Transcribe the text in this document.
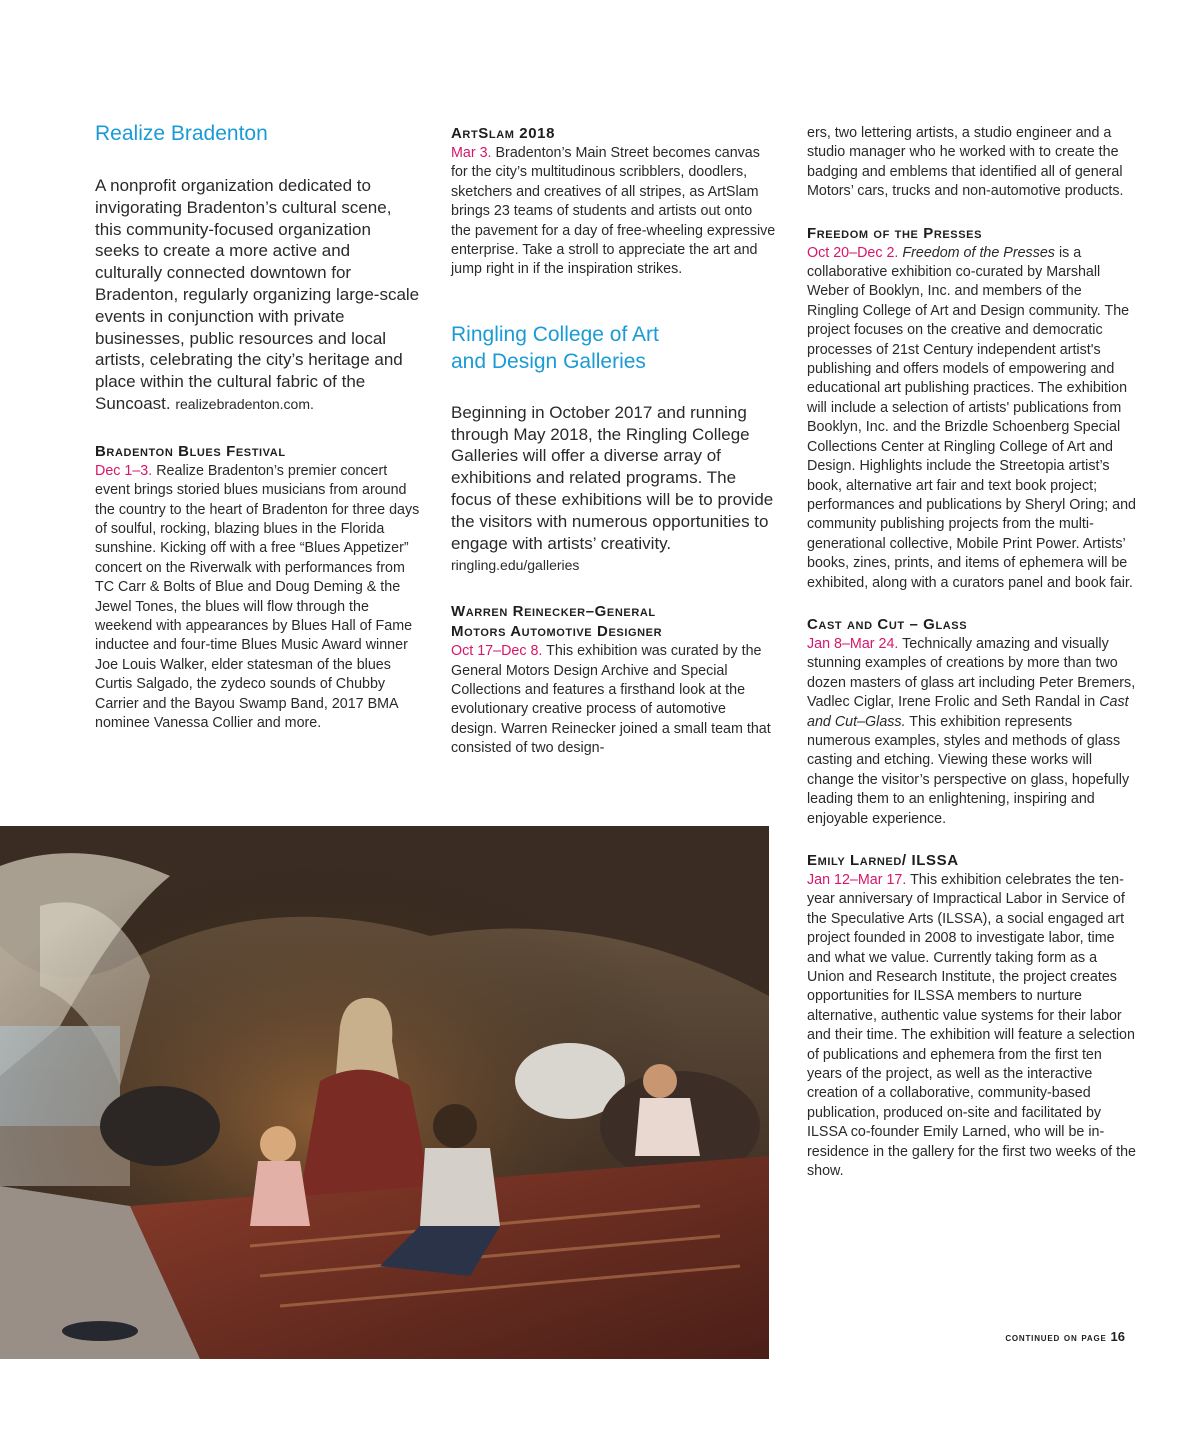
Realize Bradenton

A nonprofit organization dedicated to invigorating Bradenton’s cultural scene, this community-focused organization seeks to create a more active and culturally connected downtown for Bradenton, regularly organizing large-scale events in conjunction with private businesses, public resources and local artists, celebrating the city’s heritage and place within the cultural fabric of the Suncoast. realizebradenton.com.

Bradenton Blues Festival

Dec 1–3. Realize Bradenton’s premier concert event brings storied blues musicians from around the country to the heart of Bradenton for three days of soulful, rocking, blazing blues in the Florida sunshine. Kicking off with a free “Blues Appetizer” concert on the Riverwalk with performances from TC Carr & Bolts of Blue and Doug Deming & the Jewel Tones, the blues will flow through the weekend with appearances by Blues Hall of Fame inductee and four-time Blues Music Award winner Joe Louis Walker, elder statesman of the blues Curtis Salgado, the zydeco sounds of Chubby Carrier and the Bayou Swamp Band, 2017 BMA nominee Vanessa Collier and more.

ArtSlam 2018

Mar 3. Bradenton’s Main Street becomes canvas for the city’s multitudinous scribblers, doodlers, sketchers and creatives of all stripes, as ArtSlam brings 23 teams of students and artists out onto the pavement for a day of free-wheeling expressive enterprise. Take a stroll to appreciate the art and jump right in if the inspiration strikes.

Ringling College of Art
and Design Galleries

Beginning in October 2017 and running through May 2018, the Ringling College Galleries will offer a diverse array of exhibitions and related programs. The focus of these exhibitions will be to provide the visitors with numerous opportunities to engage with artists’ creativity. ringling.edu/galleries

Warren Reinecker–General
Motors Automotive Designer

Oct 17–Dec 8. This exhibition was curated by the General Motors Design Archive and Special Collections and features a firsthand look at the evolutionary creative process of automotive design. Warren Reinecker joined a small team that consisted of two design-

ers, two lettering artists, a studio engineer and a studio manager who he worked with to create the badging and emblems that identified all of general Motors’ cars, trucks and non-automotive products.

Freedom of the Presses

Oct 20–Dec 2. Freedom of the Presses is a collaborative exhibition co-curated by Marshall Weber of Booklyn, Inc. and members of the Ringling College of Art and Design community. The project focuses on the creative and democratic processes of 21st Century independent artist's publishing and offers models of empowering and educational art publishing practices. The exhibition will include a selection of artists' publications from Booklyn, Inc. and the Brizdle Schoenberg Special Collections Center at Ringling College of Art and Design. Highlights include the Streetopia artist’s book, alternative art fair and text book project; performances and publications by Sheryl Oring; and community publishing projects from the multi-generational collective, Mobile Print Power. Artists’ books, zines, prints, and items of ephemera will be exhibited, along with a curators panel and book fair.

Cast and Cut – Glass

Jan 8–Mar 24. Technically amazing and visually stunning examples of creations by more than two dozen masters of glass art including Peter Bremers, Vadlec Ciglar, Irene Frolic and Seth Randal in Cast and Cut–Glass. This exhibition represents numerous examples, styles and methods of glass casting and etching. Viewing these works will change the visitor’s perspective on glass, hopefully leading them to an enlightening, inspiring and enjoyable experience.

Emily Larned/ ILSSA

Jan 12–Mar 17. This exhibition celebrates the ten-year anniversary of Impractical Labor in Service of the Speculative Arts (ILSSA), a social engaged art project founded in 2008 to investigate labor, time and what we value. Currently taking form as a Union and Research Institute, the project creates opportunities for ILSSA members to nurture alternative, authentic value systems for their labor and their time. The exhibition will feature a selection of publications and ephemera from the first ten years of the project, as well as the interactive creation of a collaborative, community-based publication, produced on-site and facilitated by ILSSA co-founder Emily Larned, who will be in-residence in the gallery for the first two weeks of the show.

continued on page 16
